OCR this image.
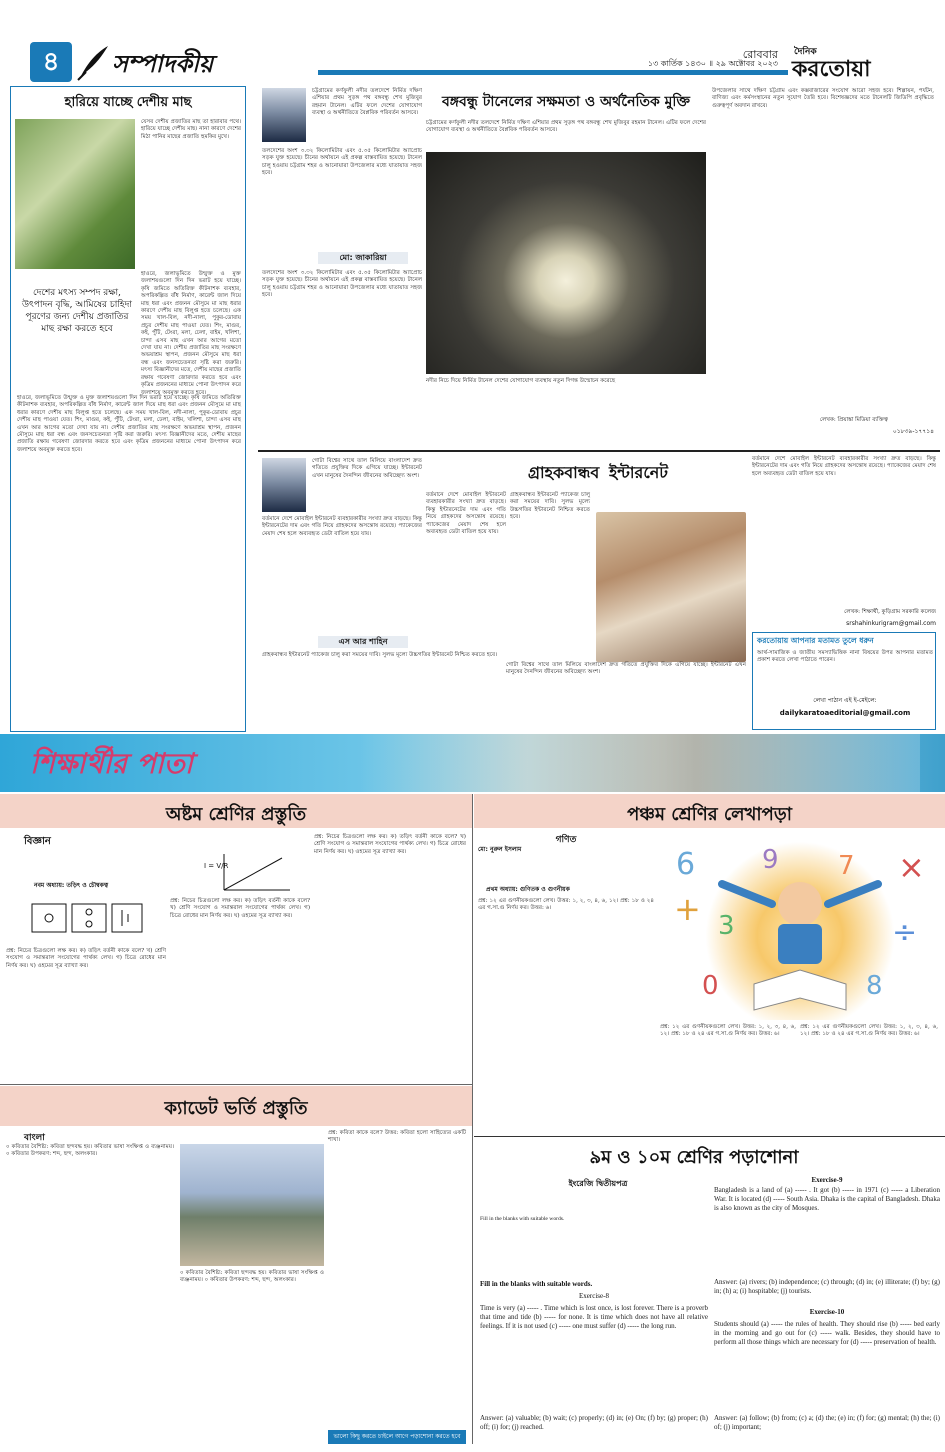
৪	সম্পাদকীয়	রোববার
১৩ কার্তিক ১৪৩০ ॥ ২৯ অক্টোবর ২০২৩
দৈনিক
করতোয়া
হারিয়ে যাচ্ছে দেশীয় মাছ
যেসব দেশীয় প্রজাতির মাছ তা হারাবার পথে। হারিয়ে যাচ্ছে দেশীয় মাছ। নানা কারণে দেশের মিঠা পানির মাছের প্রজাতি হুমকির মুখে।
হাওরে, জলাভূমিতে উন্মুক্ত ও মুক্ত জলাশয়গুলো দিন দিন ভরাট হয়ে যাচ্ছে। কৃষি জমিতে অতিরিক্ত কীটনাশক ব্যবহার, অপরিকল্পিত বাঁধ নির্মাণ, কারেন্ট জাল দিয়ে মাছ ধরা এবং প্রজনন মৌসুমে মা মাছ ধরার কারণে দেশীয় মাছ বিলুপ্ত হতে চলেছে। এক সময় খাল-বিল, নদী-নালা, পুকুর-ডোবায় প্রচুর দেশীয় মাছ পাওয়া যেত। শিং, মাগুর, কই, পুঁটি, টেংরা, মলা, ঢেলা, বাইম, খলিশা, চান্দা এসব মাছ এখন আর আগের মতো দেখা যায় না। দেশীয় প্রজাতির মাছ সংরক্ষণে অভয়াশ্রম স্থাপন, প্রজনন মৌসুমে মাছ ধরা বন্ধ এবং জনসচেতনতা সৃষ্টি করা জরুরি। মৎস্য বিজ্ঞানীদের মতে, দেশীয় মাছের প্রজাতি রক্ষায় গবেষণা জোরদার করতে হবে এবং কৃত্রিম প্রজননের মাধ্যমে পোনা উৎপাদন করে জলাশয়ে অবমুক্ত করতে হবে।
দেশের মৎস্য সম্পদ রক্ষা, উৎপাদন বৃদ্ধি, আমিষের চাহিদা পূরণের জন্য দেশীয় প্রজাতির মাছ রক্ষা করতে হবে
হাওরে, জলাভূমিতে উন্মুক্ত ও মুক্ত জলাশয়গুলো দিন দিন ভরাট হয়ে যাচ্ছে। কৃষি জমিতে অতিরিক্ত কীটনাশক ব্যবহার, অপরিকল্পিত বাঁধ নির্মাণ, কারেন্ট জাল দিয়ে মাছ ধরা এবং প্রজনন মৌসুমে মা মাছ ধরার কারণে দেশীয় মাছ বিলুপ্ত হতে চলেছে। এক সময় খাল-বিল, নদী-নালা, পুকুর-ডোবায় প্রচুর দেশীয় মাছ পাওয়া যেত। শিং, মাগুর, কই, পুঁটি, টেংরা, মলা, ঢেলা, বাইম, খলিশা, চান্দা এসব মাছ এখন আর আগের মতো দেখা যায় না। দেশীয় প্রজাতির মাছ সংরক্ষণে অভয়াশ্রম স্থাপন, প্রজনন মৌসুমে মাছ ধরা বন্ধ এবং জনসচেতনতা সৃষ্টি করা জরুরি। মৎস্য বিজ্ঞানীদের মতে, দেশীয় মাছের প্রজাতি রক্ষায় গবেষণা জোরদার করতে হবে এবং কৃত্রিম প্রজননের মাধ্যমে পোনা উৎপাদন করে জলাশয়ে অবমুক্ত করতে হবে।
চট্টগ্রামের কর্ণফুলী নদীর তলদেশে নির্মিত দক্ষিণ এশিয়ার প্রথম সুড়ঙ্গ পথ বঙ্গবন্ধু শেখ মুজিবুর রহমান টানেল। এটির ফলে দেশের যোগাযোগ ব্যবস্থা ও অর্থনীতিতে বৈপ্লবিক পরিবর্তন আসবে।
তলদেশের অংশ ৩.৩২ কিলোমিটার এবং ৫.৩৫ কিলোমিটার অ্যাপ্রোচ সড়ক যুক্ত হয়েছে। চীনের অর্থায়নে এই প্রকল্প বাস্তবায়িত হয়েছে। টানেল চালু হওয়ায় চট্টগ্রাম শহর ও আনোয়ারা উপজেলার মধ্যে যাতায়াত সহজ হবে।
মো: জাকারিয়া
তলদেশের অংশ ৩.৩২ কিলোমিটার এবং ৫.৩৫ কিলোমিটার অ্যাপ্রোচ সড়ক যুক্ত হয়েছে। চীনের অর্থায়নে এই প্রকল্প বাস্তবায়িত হয়েছে। টানেল চালু হওয়ায় চট্টগ্রাম শহর ও আনোয়ারা উপজেলার মধ্যে যাতায়াত সহজ হবে।
বঙ্গবন্ধু টানেলের সক্ষমতা ও অর্থনৈতিক মুক্তি
চট্টগ্রামের কর্ণফুলী নদীর তলদেশে নির্মিত দক্ষিণ এশিয়ার প্রথম সুড়ঙ্গ পথ বঙ্গবন্ধু শেখ মুজিবুর রহমান টানেল। এটির ফলে দেশের যোগাযোগ ব্যবস্থা ও অর্থনীতিতে বৈপ্লবিক পরিবর্তন আসবে।
নদীর নিচে দিয়ে নির্মিত টানেল দেশের যোগাযোগ ব্যবস্থায় নতুন দিগন্ত উন্মোচন করেছে
উপজেলার সাথে দক্ষিণ চট্টগ্রাম এবং কক্সবাজারের সংযোগ আরো সহজ হবে। শিল্পায়ন, পর্যটন, বাণিজ্য এবং কর্মসংস্থানের নতুন সুযোগ তৈরি হবে। বিশেষজ্ঞদের মতে টানেলটি জিডিপি প্রবৃদ্ধিতে গুরুত্বপূর্ণ অবদান রাখবে।
লেখক: প্রিয়াঙ্কা মিডিয়া ব্যক্তিত্ব
০১৮৩৯-১৭৭১৪
গোটা বিশ্বের সাথে তাল মিলিয়ে বাংলাদেশ দ্রুত গতিতে প্রযুক্তির দিকে এগিয়ে যাচ্ছে। ইন্টারনেট এখন মানুষের দৈনন্দিন জীবনের অবিচ্ছেদ্য অংশ।
বর্তমানে দেশে মোবাইল ইন্টারনেট ব্যবহারকারীর সংখ্যা দ্রুত বাড়ছে। কিন্তু ইন্টারনেটের দাম এবং গতি নিয়ে গ্রাহকদের অসন্তোষ রয়েছে। প্যাকেজের মেয়াদ শেষ হলে অব্যবহৃত ডেটা বাতিল হয়ে যায়।
এস আর শাহিন
গ্রাহকবান্ধব ইন্টারনেট প্যাকেজ চালু করা সময়ের দাবি। সুলভ মূল্যে উচ্চগতির ইন্টারনেট নিশ্চিত করতে হবে।
গ্রাহকবান্ধব ইন্টারনেট
বর্তমানে দেশে মোবাইল ইন্টারনেট ব্যবহারকারীর সংখ্যা দ্রুত বাড়ছে। কিন্তু ইন্টারনেটের দাম এবং গতি নিয়ে গ্রাহকদের অসন্তোষ রয়েছে। প্যাকেজের মেয়াদ শেষ হলে অব্যবহৃত ডেটা বাতিল হয়ে যায়।
গ্রাহকবান্ধব ইন্টারনেট প্যাকেজ চালু করা সময়ের দাবি। সুলভ মূল্যে উচ্চগতির ইন্টারনেট নিশ্চিত করতে হবে।
গোটা বিশ্বের সাথে তাল মিলিয়ে বাংলাদেশ দ্রুত গতিতে প্রযুক্তির দিকে এগিয়ে যাচ্ছে। ইন্টারনেট এখন মানুষের দৈনন্দিন জীবনের অবিচ্ছেদ্য অংশ।
বর্তমানে দেশে মোবাইল ইন্টারনেট ব্যবহারকারীর সংখ্যা দ্রুত বাড়ছে। কিন্তু ইন্টারনেটের দাম এবং গতি নিয়ে গ্রাহকদের অসন্তোষ রয়েছে। প্যাকেজের মেয়াদ শেষ হলে অব্যবহৃত ডেটা বাতিল হয়ে যায়।
লেখক: শিক্ষার্থী, কুড়িগ্রাম সরকারি কলেজ
srshahinkurigram@gmail.com
করতোয়ায় আপনার মতামত তুলে ধরুন
আর্থ-সামাজিক ও জাতীয় সমস্যাভিত্তিক নানা বিষয়ের উপর আপনার মতামত প্রকাশ করতে লেখা পাঠাতে পারেন।
লেখা পাঠান এই ই-মেইলে:
dailykaratoaeditorial@gmail.com
শিক্ষার্থীর পাতা
অষ্টম শ্রেণির প্রস্তুতি
বিজ্ঞান
নবম অধ্যায়: তড়িৎ ও চৌম্বকত্ব
প্রশ্ন: নিচের চিত্রগুলো লক্ষ কর। ক) তড়িৎ বর্তনী কাকে বলে? খ) শ্রেণি সংযোগ ও সমান্তরাল সংযোগের পার্থক্য লেখ। গ) চিত্রে রোধের মান নির্ণয় কর। ঘ) ওহমের সূত্র ব্যাখ্যা কর।
I = V/R
প্রশ্ন: নিচের চিত্রগুলো লক্ষ কর। ক) তড়িৎ বর্তনী কাকে বলে? খ) শ্রেণি সংযোগ ও সমান্তরাল সংযোগের পার্থক্য লেখ। গ) চিত্রে রোধের মান নির্ণয় কর। ঘ) ওহমের সূত্র ব্যাখ্যা কর।
প্রশ্ন: নিচের চিত্রগুলো লক্ষ কর। ক) তড়িৎ বর্তনী কাকে বলে? খ) শ্রেণি সংযোগ ও সমান্তরাল সংযোগের পার্থক্য লেখ। গ) চিত্রে রোধের মান নির্ণয় কর। ঘ) ওহমের সূত্র ব্যাখ্যা কর।
পঞ্চম শ্রেণির লেখাপড়া
গণিত
মো: নুরুল ইসলাম
প্রথম অধ্যায়: গুণিতক ও গুণনীয়ক
প্রশ্ন: ১২ এর গুণনীয়কগুলো লেখ। উত্তর: ১, ২, ৩, ৪, ৬, ১২। প্রশ্ন: ১৮ ও ২৪ এর গ.সা.গু নির্ণয় কর। উত্তর: ৬।
6	9 7 ×
+ 3	÷
0	8
প্রশ্ন: ১২ এর গুণনীয়কগুলো লেখ। উত্তর: ১, ২, ৩, ৪, ৬, ১২। প্রশ্ন: ১৮ ও ২৪ এর গ.সা.গু নির্ণয় কর। উত্তর: ৬।
প্রশ্ন: ১২ এর গুণনীয়কগুলো লেখ। উত্তর: ১, ২, ৩, ৪, ৬, ১২। প্রশ্ন: ১৮ ও ২৪ এর গ.সা.গু নির্ণয় কর। উত্তর: ৬।
ক্যাডেট ভর্তি প্রস্তুতি
বাংলা
০ কবিতার বৈশিষ্ট্য: কবিতা ছন্দবদ্ধ হয়। কবিতার ভাষা সংক্ষিপ্ত ও ব্যঞ্জনাময়। ০ কবিতার উপকরণ: শব্দ, ছন্দ, অলংকার।
০ কবিতার বৈশিষ্ট্য: কবিতা ছন্দবদ্ধ হয়। কবিতার ভাষা সংক্ষিপ্ত ও ব্যঞ্জনাময়। ০ কবিতার উপকরণ: শব্দ, ছন্দ, অলংকার।
প্রশ্ন: কবিতা কাকে বলে? উত্তর: কবিতা হলো সাহিত্যের একটি শাখা।
ভালো কিছু করতে চাইলে আগে পড়াশোনা করতে হবে
৯ম ও ১০ম শ্রেণির পড়াশোনা
ইংরেজি দ্বিতীয়পত্র
Fill in the blanks with suitable words.
Fill in the blanks with suitable words.
Exercise-8
Time is very (a) ----- . Time which is lost once, is lost forever. There is a proverb that time and tide (b) ----- for none. It is time which does not have all relative feelings. If it is not used (c) ----- one must suffer (d) ----- the long run.
Answer: (a) valuable; (b) wait; (c) properly; (d) in; (e) On; (f) by; (g) proper; (h) off; (i) for; (j) reached.
Exercise-9
Bangladesh is a land of (a) ----- . It got (b) ----- in 1971 (c) ----- a Liberation War. It is located (d) ----- South Asia. Dhaka is the capital of Bangladesh. Dhaka is also known as the city of Mosques.
Answer: (a) rivers; (b) independence; (c) through; (d) in; (e) illiterate; (f) by; (g) in; (h) a; (i) hospitable; (j) tourists.
Exercise-10
Students should (a) ----- the rules of health. They should rise (b) ----- bed early in the morning and go out for (c) ----- walk. Besides, they should have to perform all those things which are necessary for (d) ----- preservation of health.
Answer: (a) follow; (b) from; (c) a; (d) the; (e) in; (f) for; (g) mental; (h) the; (i) of; (j) important;
